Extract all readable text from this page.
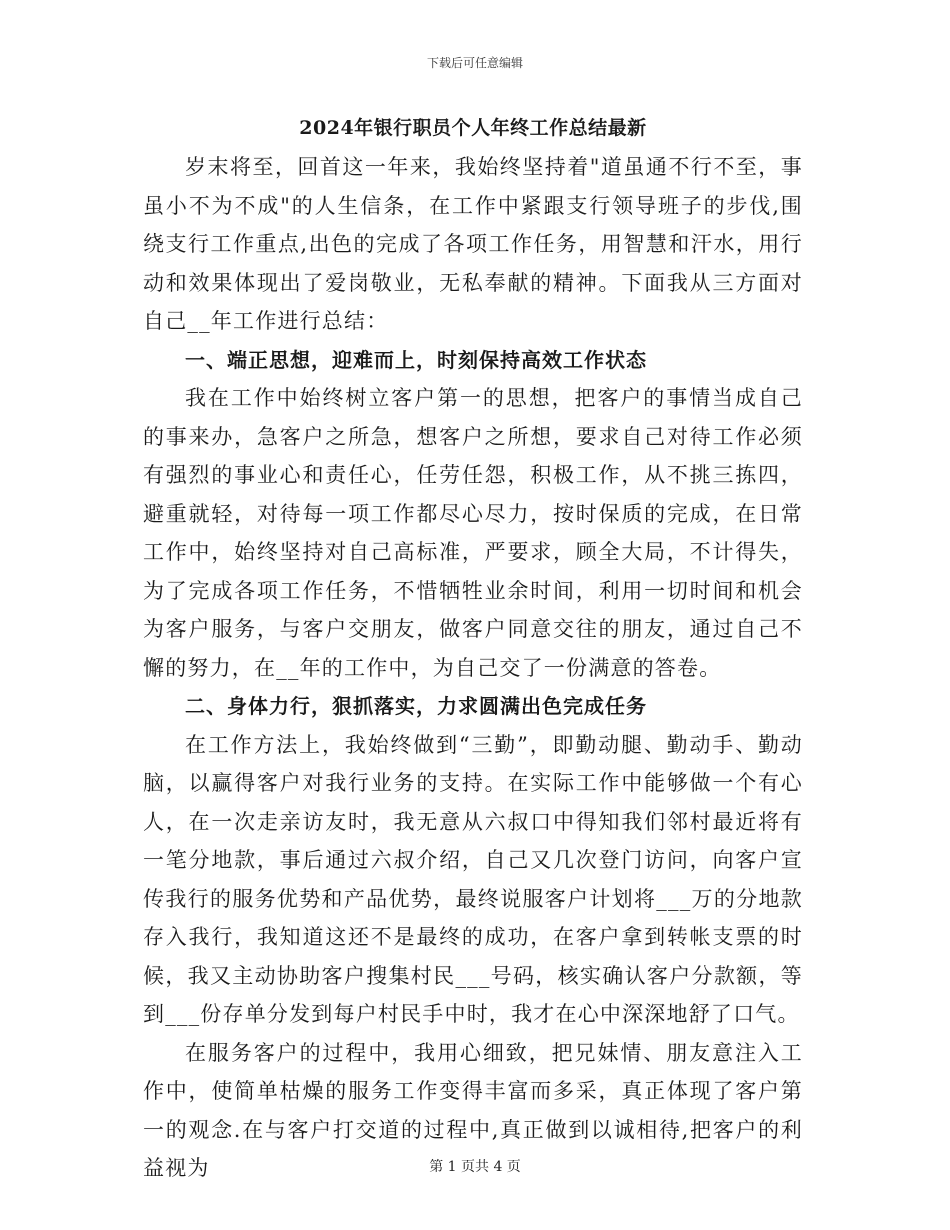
下载后可任意编辑
2024年银行职员个人年终工作总结最新

岁末将至，回首这一年来，我始终坚持着"道虽通不行不至，事虽小不为不成"的人生信条，在工作中紧跟支行领导班子的步伐,围绕支行工作重点,出色的完成了各项工作任务，用智慧和汗水，用行动和效果体现出了爱岗敬业，无私奉献的精神。下面我从三方面对自己__年工作进行总结：

一、端正思想，迎难而上，时刻保持高效工作状态

我在工作中始终树立客户第一的思想，把客户的事情当成自己的事来办，急客户之所急，想客户之所想，要求自己对待工作必须有强烈的事业心和责任心，任劳任怨，积极工作，从不挑三拣四，避重就轻，对待每一项工作都尽心尽力，按时保质的完成，在日常工作中，始终坚持对自己高标准，严要求，顾全大局，不计得失，为了完成各项工作任务，不惜牺牲业余时间，利用一切时间和机会为客户服务，与客户交朋友，做客户同意交往的朋友，通过自己不懈的努力，在__年的工作中，为自己交了一份满意的答卷。

二、身体力行，狠抓落实，力求圆满出色完成任务

在工作方法上，我始终做到“三勤”，即勤动腿、勤动手、勤动脑，以赢得客户对我行业务的支持。在实际工作中能够做一个有心人，在一次走亲访友时，我无意从六叔口中得知我们邻村最近将有一笔分地款，事后通过六叔介绍，自己又几次登门访问，向客户宣传我行的服务优势和产品优势，最终说服客户计划将___万的分地款存入我行，我知道这还不是最终的成功，在客户拿到转帐支票的时候，我又主动协助客户搜集村民___号码，核实确认客户分款额，等到___份存单分发到每户村民手中时，我才在心中深深地舒了口气。

在服务客户的过程中，我用心细致，把兄妹情、朋友意注入工作中，使简单枯燥的服务工作变得丰富而多采，真正体现了客户第一的观念.在与客户打交道的过程中,真正做到以诚相待,把客户的利益视为	第 1 页共 4 页
